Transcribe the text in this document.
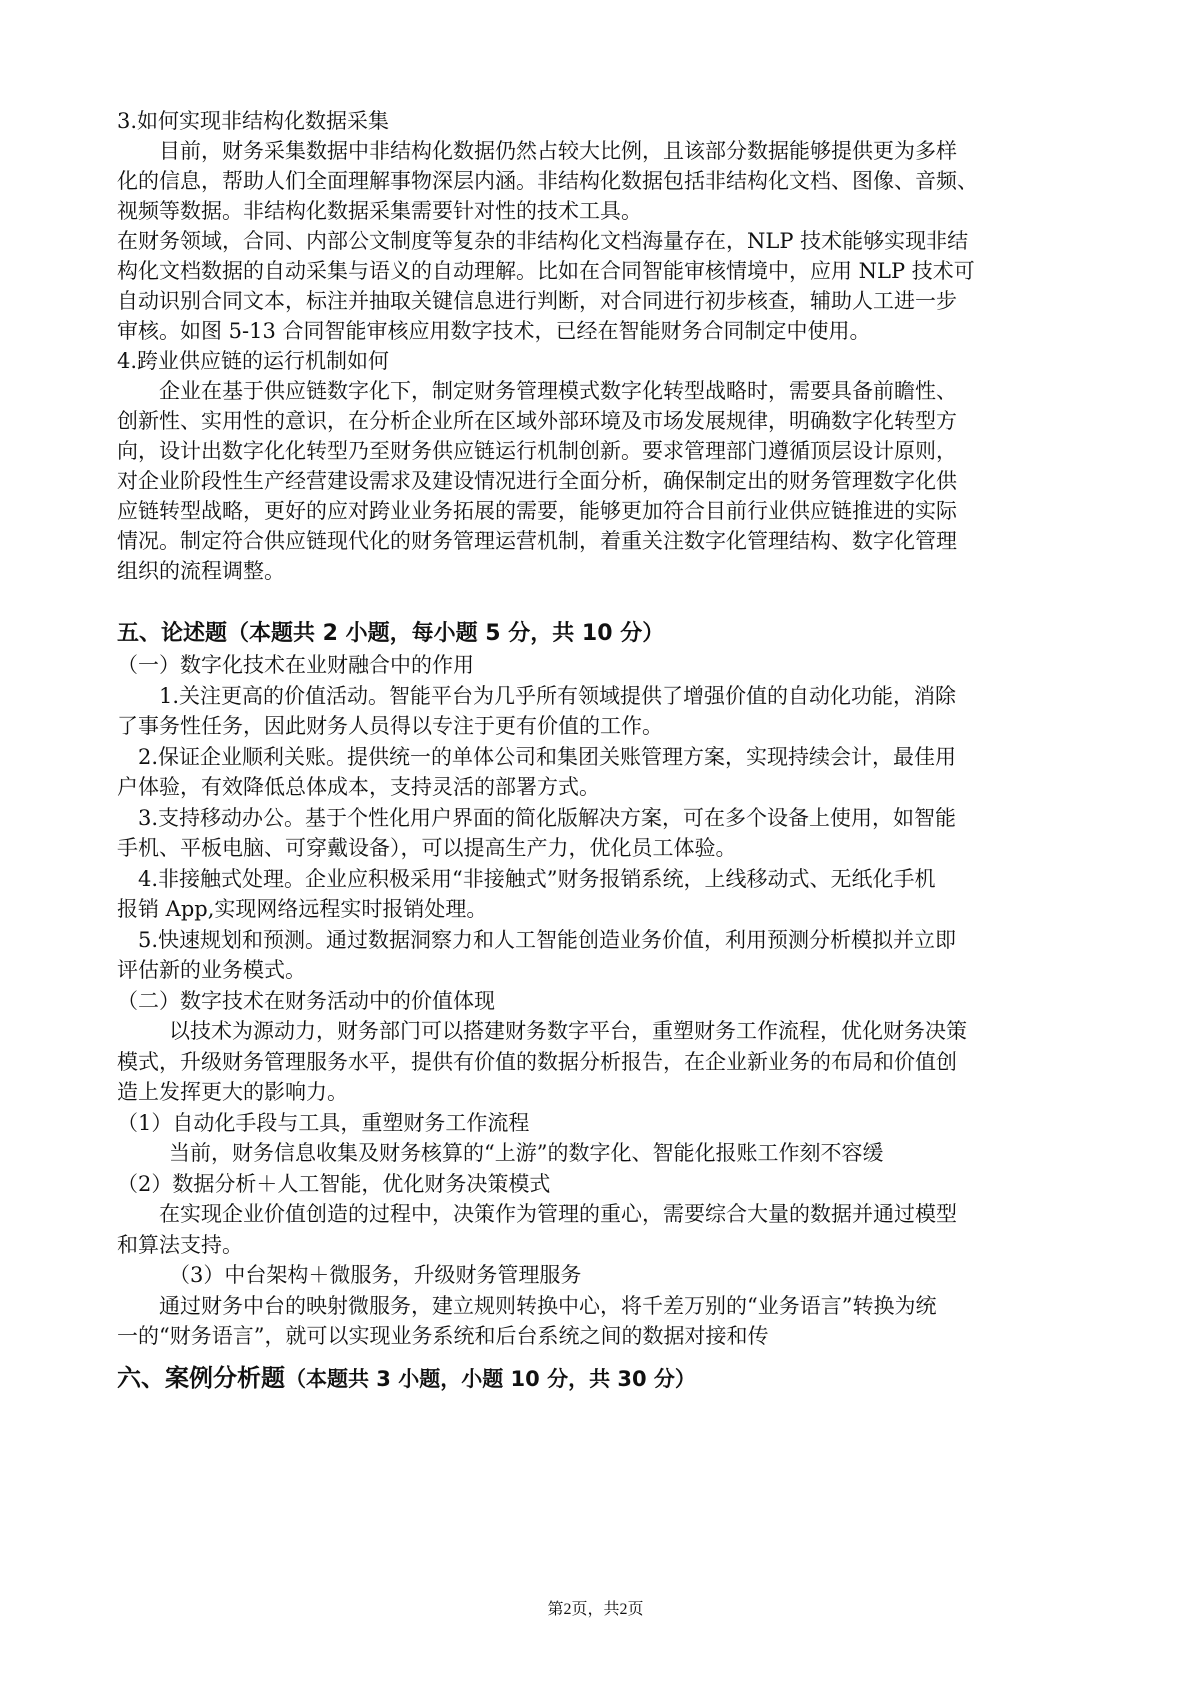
3.如何实现非结构化数据采集
目前，财务采集数据中非结构化数据仍然占较大比例，且该部分数据能够提供更为多样
化的信息，帮助人们全面理解事物深层内涵。非结构化数据包括非结构化文档、图像、音频、
视频等数据。非结构化数据采集需要针对性的技术工具。
在财务领域，合同、内部公文制度等复杂的非结构化文档海量存在，NLP 技术能够实现非结
构化文档数据的自动采集与语义的自动理解。比如在合同智能审核情境中，应用 NLP 技术可
自动识别合同文本，标注并抽取关键信息进行判断，对合同进行初步核查，辅助人工进一步
审核。如图 5-13 合同智能审核应用数字技术，已经在智能财务合同制定中使用。
4.跨业供应链的运行机制如何
企业在基于供应链数字化下，制定财务管理模式数字化转型战略时，需要具备前瞻性、
创新性、实用性的意识，在分析企业所在区域外部环境及市场发展规律，明确数字化转型方
向，设计出数字化化转型乃至财务供应链运行机制创新。要求管理部门遵循顶层设计原则，
对企业阶段性生产经营建设需求及建设情况进行全面分析，确保制定出的财务管理数字化供
应链转型战略，更好的应对跨业业务拓展的需要，能够更加符合目前行业供应链推进的实际
情况。制定符合供应链现代化的财务管理运营机制，着重关注数字化管理结构、数字化管理
组织的流程调整。
五、论述题（本题共 2 小题，每小题 5 分，共 10 分）
（一）数字化技术在业财融合中的作用
1.关注更高的价值活动。智能平台为几乎所有领域提供了增强价值的自动化功能，消除
了事务性任务，因此财务人员得以专注于更有价值的工作。
2.保证企业顺利关账。提供统一的单体公司和集团关账管理方案，实现持续会计，最佳用
户体验，有效降低总体成本，支持灵活的部署方式。
3.支持移动办公。基于个性化用户界面的简化版解决方案，可在多个设备上使用，如智能
手机、平板电脑、可穿戴设备），可以提高生产力，优化员工体验。
4.非接触式处理。企业应积极采用“非接触式”财务报销系统，上线移动式、无纸化手机
报销 App,实现网络远程实时报销处理。
5.快速规划和预测。通过数据洞察力和人工智能创造业务价值，利用预测分析模拟并立即
评估新的业务模式。
（二）数字技术在财务活动中的价值体现
以技术为源动力，财务部门可以搭建财务数字平台，重塑财务工作流程，优化财务决策
模式，升级财务管理服务水平，提供有价值的数据分析报告，在企业新业务的布局和价值创
造上发挥更大的影响力。
（1）自动化手段与工具，重塑财务工作流程
当前，财务信息收集及财务核算的“上游”的数字化、智能化报账工作刻不容缓
（2）数据分析＋人工智能，优化财务决策模式
在实现企业价值创造的过程中，决策作为管理的重心，需要综合大量的数据并通过模型
和算法支持。
（3）中台架构＋微服务，升级财务管理服务
通过财务中台的映射微服务，建立规则转换中心，将千差万别的“业务语言”转换为统
一的“财务语言”，就可以实现业务系统和后台系统之间的数据对接和传
六、案例分析题（本题共 3 小题，小题 10 分，共 30 分）
第2页，共2页
